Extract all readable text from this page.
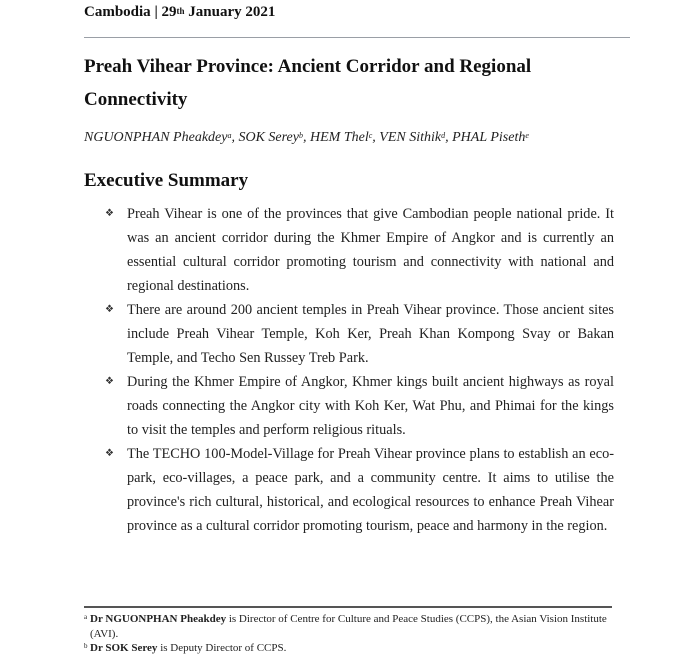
Cambodia | 29th January 2021
Preah Vihear Province: Ancient Corridor and Regional Connectivity
NGUONPHAN Pheakdey$^a$, SOK Serey$^b$, HEM Thel$^c$, VEN Sithik$^d$, PHAL Piseth$^e$
Executive Summary
❖ Preah Vihear is one of the provinces that give Cambodian people national pride. It was an ancient corridor during the Khmer Empire of Angkor and is currently an essential cultural corridor promoting tourism and connectivity with national and regional destinations.
❖ There are around 200 ancient temples in Preah Vihear province. Those ancient sites include Preah Vihear Temple, Koh Ker, Preah Khan Kompong Svay or Bakan Temple, and Techo Sen Russey Treb Park.
❖ During the Khmer Empire of Angkor, Khmer kings built ancient highways as royal roads connecting the Angkor city with Koh Ker, Wat Phu, and Phimai for the kings to visit the temples and perform religious rituals.
❖ The TECHO 100-Model-Village for Preah Vihear province plans to establish an eco-park, eco-villages, a peace park, and a community centre. It aims to utilise the province's rich cultural, historical, and ecological resources to enhance Preah Vihear province as a cultural corridor promoting tourism, peace and harmony in the region.

a Dr NGUONPHAN Pheakdey is Director of Centre for Culture and Peace Studies (CCPS), the Asian Vision Institute (AVI).

b Dr SOK Serey is Deputy Director of CCPS.
